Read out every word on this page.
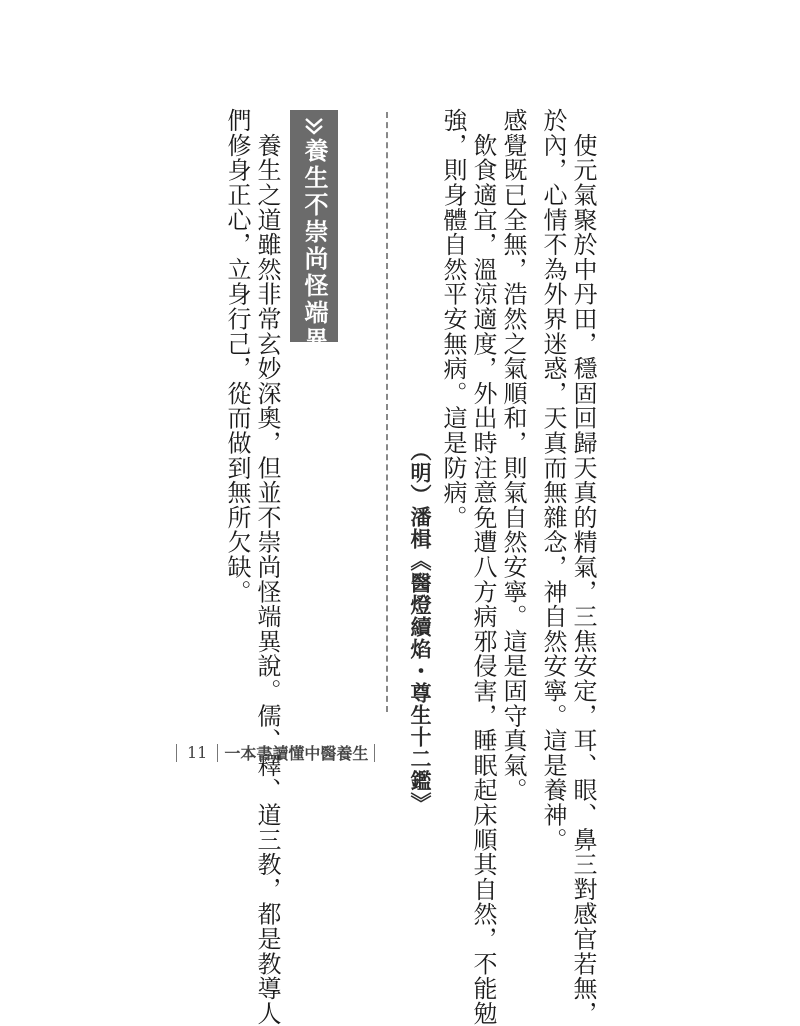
於內，心情不為外界迷惑，天真而無雜念，神自然安寧。這是養神。 　使元氣聚於中丹田，穩固回歸天真的精氣，三焦安定，耳、眼、鼻三對感官若無，
感覺既已全無，浩然之氣順和，則氣自然安寧。這是固守真氣。
　飲食適宜，溫涼適度，外出時注意免遭八方病邪侵害，睡眠起床順其自然，不能勉
強，則身體自然平安無病。這是防病。
（明）潘楫《醫燈續焰・尊生十二鑑》
養生不崇尚怪端異說
　養生之道雖然非常玄妙深奧，但並不崇尚怪端異說。儒、釋、道三教，都是教導人
們修身正心，立身行己，從而做到無所欠缺。
11 一本書讀懂中醫養生
